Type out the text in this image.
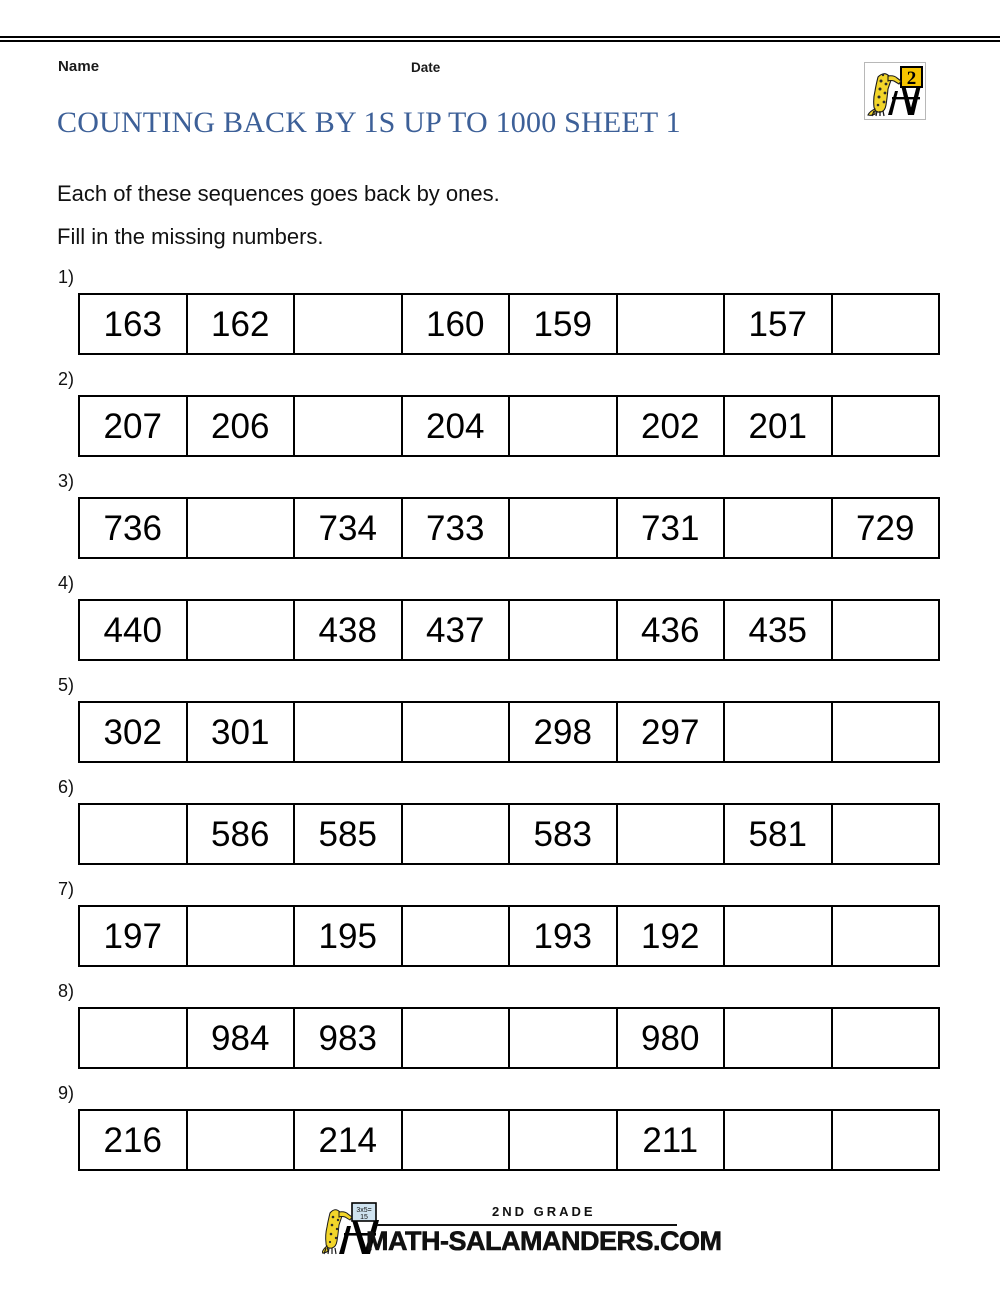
Name	Date
2
COUNTING BACK BY 1S UP TO 1000 SHEET 1
Each of these sequences goes back by ones.
Fill in the missing numbers.
1)
163	162		160	159		157	
2)
207	206		204		202	201	
3)
736		734	733		731		729
4)
440		438	437		436	435	
5)
302	301			298	297		
6)
	586	585		583		581	
7)
197		195		193	192		
8)
	984	983			980		
9)
216		214			211		
3x5=
15	2ND GRADE
MATH-SALAMANDERS.COM
